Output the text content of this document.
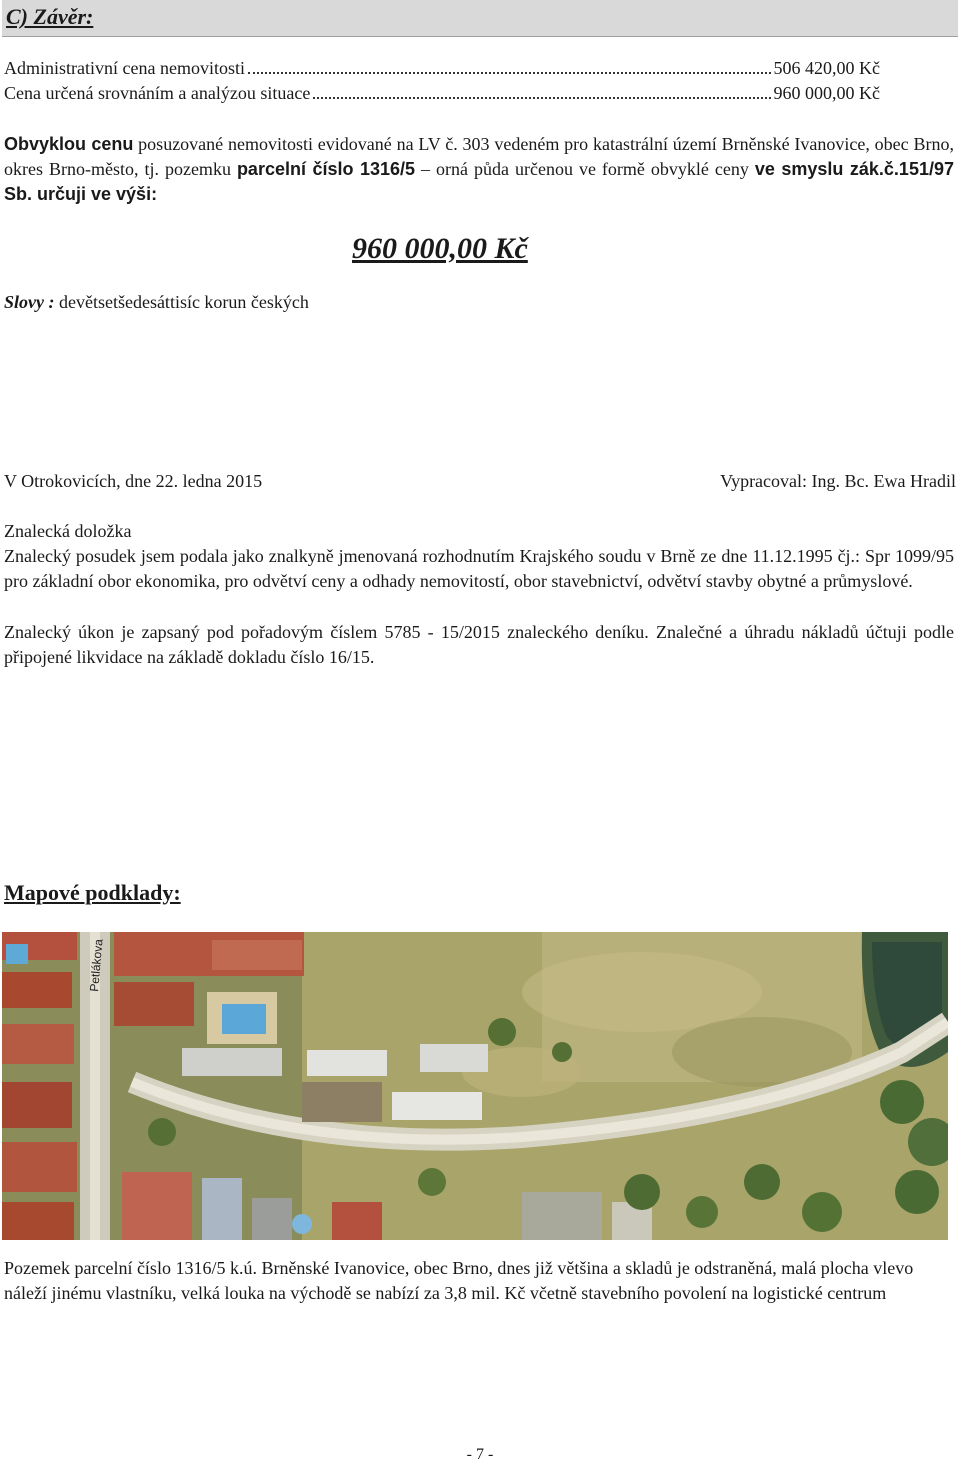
C) Závěr:
Administrativní cena nemovitosti	506 420,00 Kč
Cena určená srovnáním a analýzou situace	960 000,00 Kč
Obvyklou cenu posuzované nemovitosti evidované na LV č. 303 vedeném pro katastrální území Brněnské Ivanovice, obec Brno, okres Brno-město, tj. pozemku parcelní číslo 1316/5 – orná půda určenou ve formě obvyklé ceny ve smyslu zák.č.151/97 Sb. určuji ve výši:
960 000,00 Kč
Slovy : devětsetšedesáttisíc korun českých
V Otrokovicích, dne 22. ledna 2015	Vypracoval: Ing. Bc. Ewa Hradil
Znalecká doložka
Znalecký posudek jsem podala jako znalkyně jmenovaná rozhodnutím Krajského soudu v Brně ze dne 11.12.1995 čj.: Spr 1099/95 pro základní obor ekonomika, pro odvětví ceny a odhady nemovitostí, obor stavebnictví, odvětví stavby obytné a průmyslové.
Znalecký úkon je zapsaný pod pořadovým číslem 5785 - 15/2015 znaleckého deníku. Znalečné a úhradu nákladů účtuji podle připojené likvidace na základě dokladu číslo 16/15.
Mapové podklady:
Petlákova
Pozemek parcelní číslo 1316/5 k.ú. Brněnské Ivanovice, obec Brno, dnes již většina a skladů je odstraněná, malá plocha vlevo náleží jinému vlastníku, velká louka na východě se nabízí za 3,8 mil. Kč včetně stavebního povolení na logistické centrum
- 7 -
